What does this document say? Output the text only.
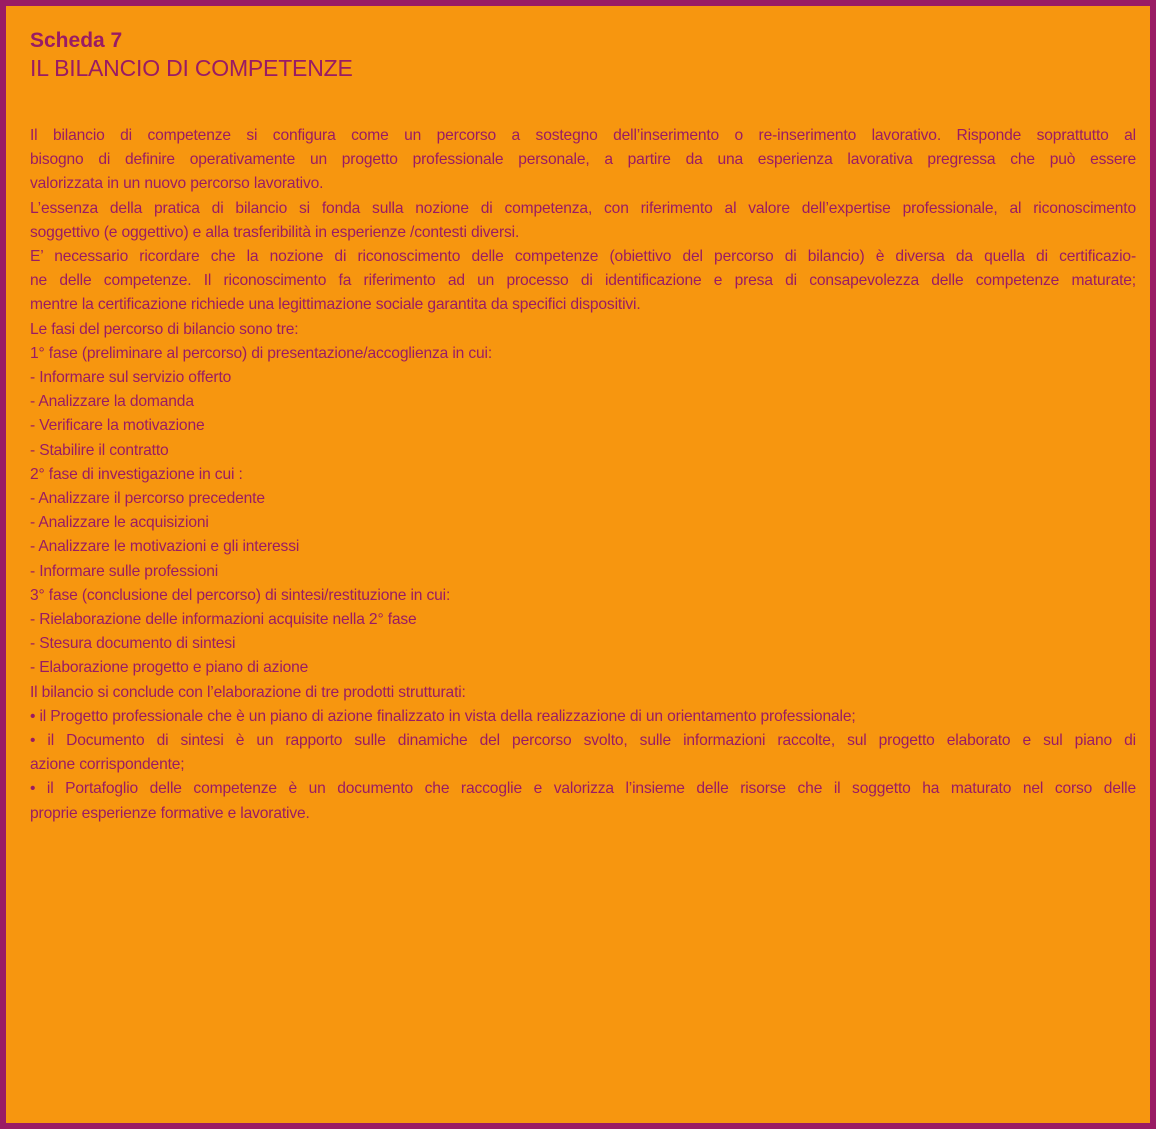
Scheda 7
IL BILANCIO DI COMPETENZE
Il bilancio di competenze si configura come un percorso a sostegno dell’inserimento o re-inserimento lavorativo. Risponde soprattutto al
bisogno di definire operativamente un progetto professionale personale, a partire da una esperienza lavorativa pregressa che può essere
valorizzata in un nuovo percorso lavorativo.
L’essenza della pratica di bilancio si fonda sulla nozione di competenza, con riferimento al valore dell’expertise professionale, al riconoscimento
soggettivo (e oggettivo) e alla trasferibilità in esperienze /contesti diversi.
E’ necessario ricordare che la nozione di riconoscimento delle competenze (obiettivo del percorso di bilancio) è diversa da quella di certificazio-
ne delle competenze. Il riconoscimento fa riferimento ad un processo di identificazione e presa di consapevolezza delle competenze maturate;
mentre la certificazione richiede una legittimazione sociale garantita da specifici dispositivi.
Le fasi del percorso di bilancio sono tre:
1° fase (preliminare al percorso) di presentazione/accoglienza in cui:
- Informare sul servizio offerto
- Analizzare la domanda
- Verificare la motivazione
- Stabilire il contratto
2° fase di investigazione in cui :
- Analizzare il percorso precedente
- Analizzare le acquisizioni
- Analizzare le motivazioni e gli interessi
- Informare sulle professioni
3° fase (conclusione del percorso) di sintesi/restituzione in cui:
- Rielaborazione delle informazioni acquisite nella 2° fase
- Stesura documento di sintesi
- Elaborazione progetto e piano di azione
Il bilancio si conclude con l’elaborazione di tre prodotti strutturati:
• il Progetto professionale che è un piano di azione finalizzato in vista della realizzazione di un orientamento professionale;
• il Documento di sintesi è un rapporto sulle dinamiche del percorso svolto, sulle informazioni raccolte, sul progetto elaborato e sul piano di
azione corrispondente;
• il Portafoglio delle competenze è un documento che raccoglie e valorizza l’insieme delle risorse che il soggetto ha maturato nel corso delle
proprie esperienze formative e lavorative.
